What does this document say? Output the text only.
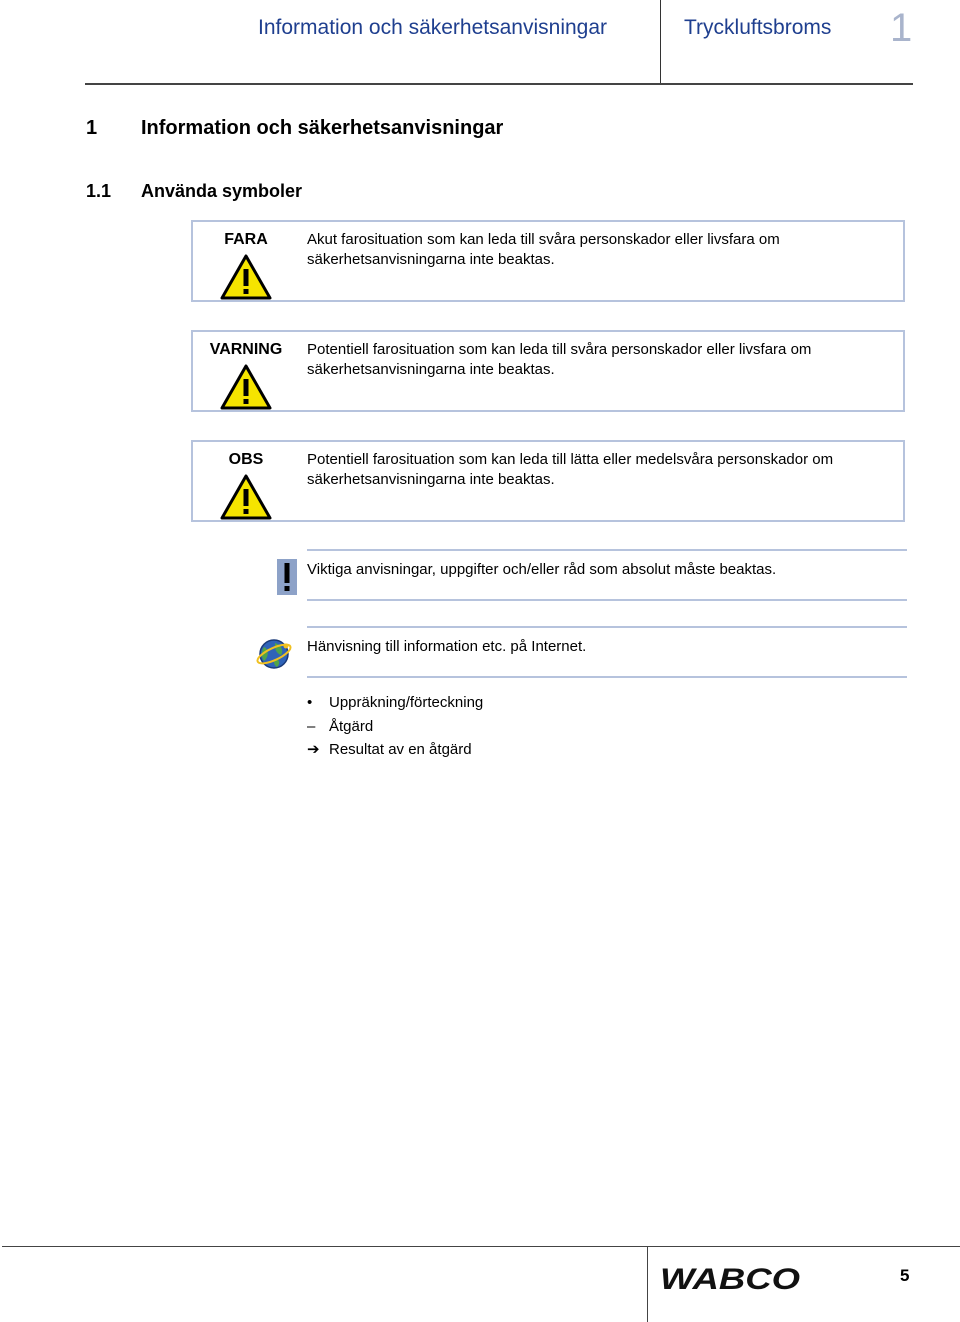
Information och säkerhetsanvisningar	Tryckluftsbroms 1
1 Information och säkerhetsanvisningar
1.1 Använda symboler
FARA	Akut farosituation som kan leda till svåra personskador eller livsfara om säkerhetsanvisningarna inte beaktas.
VARNING	Potentiell farosituation som kan leda till svåra personskador eller livsfara om säkerhetsanvisningarna inte beaktas.
OBS	Potentiell farosituation som kan leda till lätta eller medelsvåra personskador om säkerhetsanvisningarna inte beaktas.
Viktiga anvisningar, uppgifter och/eller råd som absolut måste beaktas.
Hänvisning till information etc. på Internet.
• Uppräkning/förteckning
– Åtgärd
➔ Resultat av en åtgärd
WABCO	5
